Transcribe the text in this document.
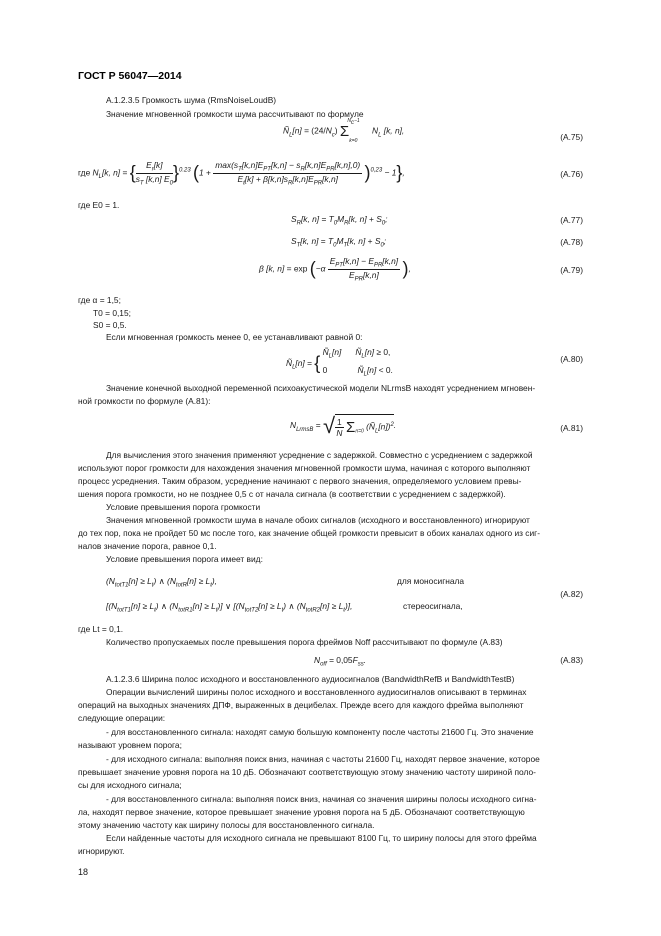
ГОСТ Р 56047—2014
А.1.2.3.5 Громкость шума (RmsNoiseLoudB)
Значение мгновенной громкости шума рассчитывают по формуле
$Ñ_L[n] = (24/N_c)$ $\Sigma_{k=0}^{N_c-1}$ $N_L$ [k, n],
(А.75)
где $N_L[k$, n] = { $\frac{E_r[k]}{s_T [k,n] E_0} \}^{0.23}$ $(1 + \frac{\max(s_T[k,n]E_{PT}[k,n] - s_R[k,n]E_{PR}[k,n],0)}{E_t[k] + \beta[k,n]s_R[k,n]E_{PR}[k,n]} )^{0,23} - 1$},	(А.76)
где E0 = 1.
$S_R[k$, $n] = T_0M_R[k$, $n] + S_0$;	(А.77)
$S_T[k$, $n] = T_0M_T[k$, $n] + S_0$;	(А.78)
β [k, $n] = \exp (-\alpha \frac{E_{PT}[k,n] - E_{PR}[k,n]}{E_{PR}[k,n]}$ ),	(А.79)
где α = 1,5;
T0 = 0,15;
S0 = 0,5.
Если мгновенная громкость менее 0, ее устанавливают равной 0:
$Ñ_L[n]$ = { $Ñ_L[n]$      $Ñ_L[n] \ge 0$,
0             $Ñ_L[n] < 0$.
(А.80)
Значение конечной выходной переменной психоакустической модели NLrmsB находят усреднением мгновен-
ной громкости по формуле (А.81):
$N_{LrmsB}$ = √ $\frac{1}{N} \Sigma_{n=0}$ $(Ñ_L[n])^2$.	(А.81)
Для вычисления этого значения применяют усреднение с задержкой. Совместно с усреднением с задержкой
используют порог громкости для нахождения значения мгновенной громкости шума, начиная с которого выполняют
процесс усреднения. Таким образом, усреднение начинают с первого значения, определяемого условием превы-
шения порога громкости, но не позднее 0,5 с от начала сигнала (в соответствии с усреднением с задержкой).
Условие превышения порога громкости
Значения мгновенной громкости шума в начале обоих сигналов (исходного и восстановленного) игнорируют
до тех пор, пока не пройдет 50 мс после того, как значение общей громкости превысит в обоих каналах одного из сиг-
налов значение порога, равное 0,1.
Условие превышения порога имеет вид:
$(N_{totT1}[n] \ge L_t)$ ∧ $(N_{totR}[n] \ge L_t)$,	для моносигнала
[$(N_{totT1}[n] \ge L_t)$ ∧ $(N_{totR1}[n] \ge L_t)$] ∨ [$(N_{totT2}[n] \ge L_t)$ ∧ $(N_{totR2}[n] \ge L_t)$],	стереосигнала,
(А.82)
где Lt = 0,1.
Количество пропускаемых после превышения порога фреймов Noff рассчитывают по формуле (А.83)
$N_{off} = 0,05F_{ss}$.	(А.83)
А.1.2.3.6 Ширина полос исходного и восстановленного аудиосигналов (BandwidthRefB и BandwidthTestB)
Операции вычислений ширины полос исходного и восстановленного аудиосигналов описывают в терминах
операций на выходных значениях ДПФ, выраженных в децибелах. Прежде всего для каждого фрейма выполняют
следующие операции:
- для восстановленного сигнала: находят самую большую компоненту после частоты 21600 Гц. Это значение
называют уровнем порога;
- для исходного сигнала: выполняя поиск вниз, начиная с частоты 21600 Гц, находят первое значение, которое
превышает значение уровня порога на 10 дБ. Обозначают соответствующую этому значению частоту шириной поло-
сы для исходного сигнала;
- для восстановленного сигнала: выполняя поиск вниз, начиная со значения ширины полосы исходного сигна-
ла, находят первое значение, которое превышает значение уровня порога на 5 дБ. Обозначают соответствующую
этому значению частоту как ширину полосы для восстановленного сигнала.
Если найденные частоты для исходного сигнала не превышают 8100 Гц, то ширину полосы для этого фрейма
игнорируют.
18
